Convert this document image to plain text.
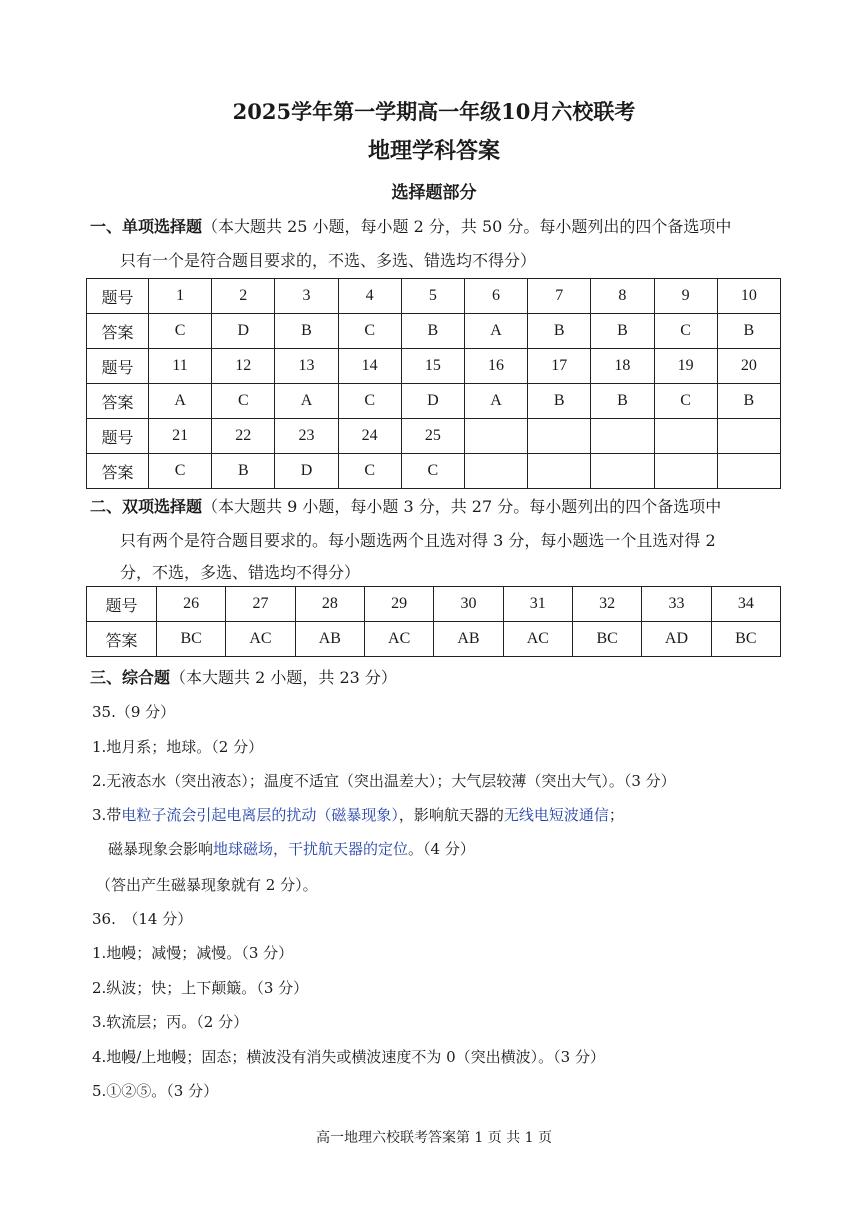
2025学年第一学期高一年级10月六校联考
地理学科答案
选择题部分
一、单项选择题（本大题共 25 小题，每小题 2 分，共 50 分。每小题列出的四个备选项中
只有一个是符合题目要求的，不选、多选、错选均不得分）
题号	1	2	3	4	5	6	7	8	9	10
答案	C	D	B	C	B	A	B	B	C	B
题号	11	12	13	14	15	16	17	18	19	20
答案	A	C	A	C	D	A	B	B	C	B
题号	21	22	23	24	25					
答案	C	B	D	C	C					
二、双项选择题（本大题共 9 小题，每小题 3 分，共 27 分。每小题列出的四个备选项中
只有两个是符合题目要求的。每小题选两个且选对得 3 分，每小题选一个且选对得 2
分，不选，多选、错选均不得分）
题号	26	27	28	29	30	31	32	33	34
答案	BC	AC	AB	AC	AB	AC	BC	AD	BC
三、综合题（本大题共 2 小题，共 23 分）
35.（9 分）
1.地月系；地球。（2 分）
2.无液态水（突出液态）；温度不适宜（突出温差大）；大气层较薄（突出大气）。（3 分）
3.带电粒子流会引起电离层的扰动（磁暴现象），影响航天器的无线电短波通信；
磁暴现象会影响地球磁场，干扰航天器的定位。（4 分）
（答出产生磁暴现象就有 2 分）。
36.　（14 分）
1.地幔；减慢；减慢。（3 分）
2.纵波；快；上下颠簸。（3 分）
3.软流层；丙。（2 分）
4.地幔/上地幔；固态；横波没有消失或横波速度不为 0（突出横波）。（3 分）
5.①②⑤。（3 分）
高一地理六校联考答案第 1 页 共 1 页
